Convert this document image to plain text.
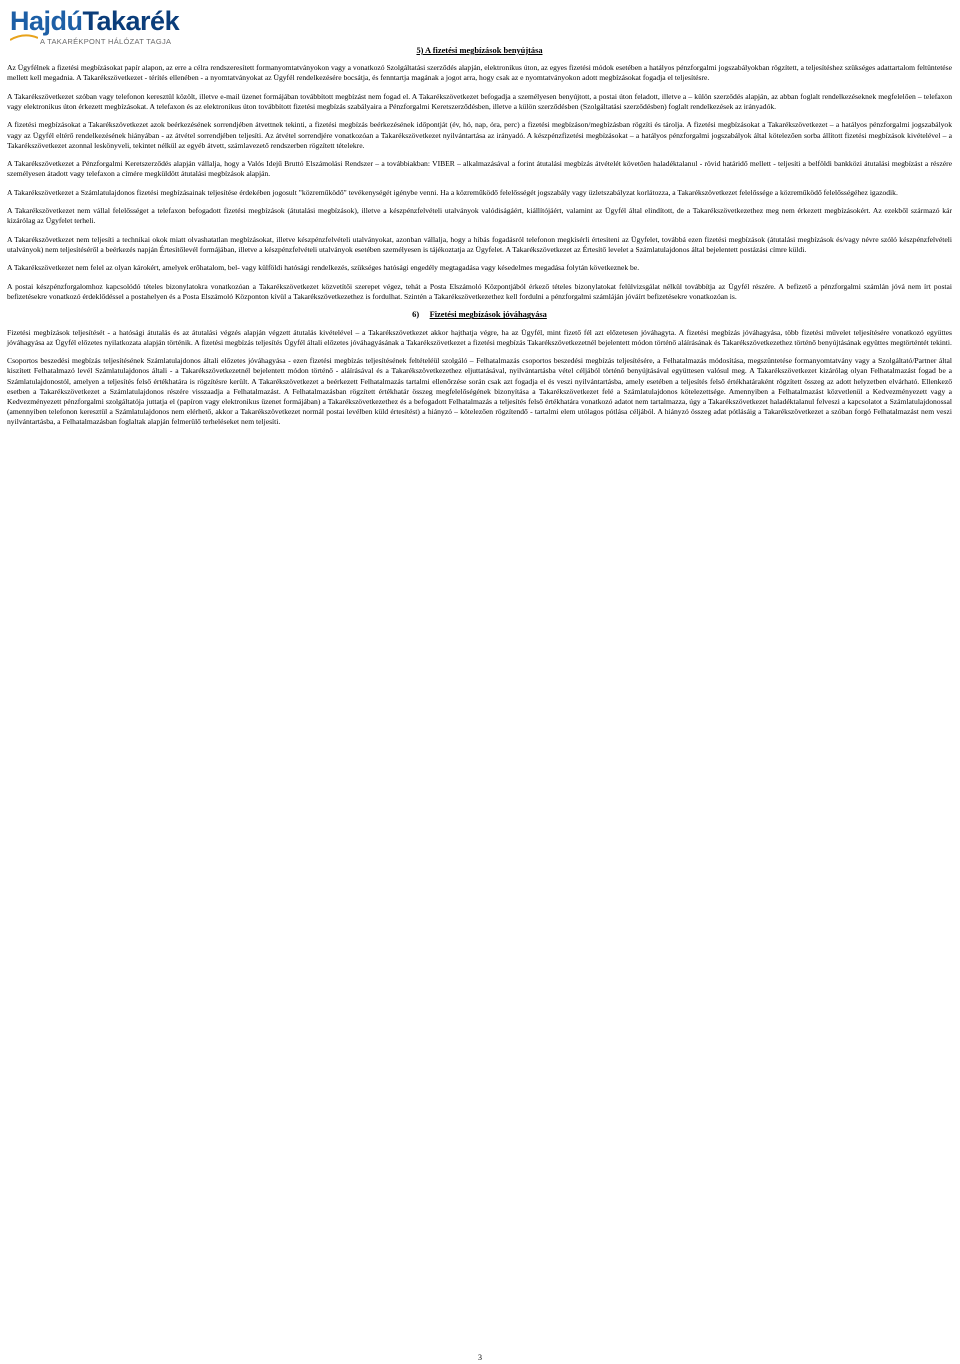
HajdúTakarék
A TAKARÉKPONT HÁLÓZAT TAGJA
5) A fizetési megbízások benyújtása

Az Ügyfélnek a fizetési megbízásokat papír alapon, az erre a célra rendszeresített formanyomtatványokon vagy a vonatkozó Szolgáltatási szerződés alapján, elektronikus úton, az egyes fizetési módok esetében a hatályos pénzforgalmi jogszabályokban rögzített, a teljesítéshez szükséges adattartalom feltüntetése mellett kell megadnia. A Takarékszövetkezet - térítés ellenében - a nyomtatványokat az Ügyfél rendelkezésére bocsátja, és fenntartja magának a jogot arra, hogy csak az e nyomtatványokon adott megbízásokat fogadja el teljesítésre.

A Takarékszövetkezet szóban vagy telefonon keresztül közölt, illetve e-mail üzenet formájában továbbított megbízást nem fogad el. A Takarékszövetkezet befogadja a személyesen benyújtott, a postai úton feladott, illetve a – külön szerződés alapján, az abban foglalt rendelkezéseknek megfelelően – telefaxon vagy elektronikus úton érkezett megbízásokat. A telefaxon és az elektronikus úton továbbított fizetési megbízás szabályaira a Pénzforgalmi Keretszerződésben, illetve a külön szerződésben (Szolgáltatási szerződésben) foglalt rendelkezések az irányadók.

A fizetési megbízásokat a Takarékszövetkezet azok beérkezésének sorrendjében átvettnek tekinti, a fizetési megbízás beérkezésének időpontját (év, hó, nap, óra, perc) a fizetési megbízáson/megbízásban rögzíti és tárolja. A fizetési megbízásokat a Takarékszövetkezet – a hatályos pénzforgalmi jogszabályok vagy az Ügyfél eltérő rendelkezésének hiányában - az átvétel sorrendjében teljesíti. Az átvétel sorrendjére vonatkozóan a Takarékszövetkezet nyilvántartása az irányadó. A készpénzfizetési megbízásokat – a hatályos pénzforgalmi jogszabályok által kötelezően sorba állított fizetési megbízások kivételével – a Takarékszövetkezet azonnal leskönyveli, tekintet nélkül az egyéb átvett, számlavezető rendszerben rögzített tételekre.

A Takarékszövetkezet a Pénzforgalmi Keretszerződés alapján vállalja, hogy a Valós Idejű Bruttó Elszámolási Rendszer – a továbbiakban: VIBER – alkalmazásával a forint átutalási megbízás átvételét követően haladéktalanul - rövid határidő mellett - teljesíti a belföldi bankközi átutalási megbízást a részére személyesen átadott vagy telefaxon a címére megküldött átutalási megbízások alapján.

A Takarékszövetkezet a Számlatulajdonos fizetési megbízásainak teljesítése érdekében jogosult "közreműködő" tevékenységét igénybe venni. Ha a közreműködő felelősségét jogszabály vagy üzletszabályzat korlátozza, a Takarékszövetkezet felelőssége a közreműködő felelősségéhez igazodik.

A Takarékszövetkezet nem vállal felelősséget a telefaxon befogadott fizetési megbízások (átutalási megbízások), illetve a készpénzfelvételi utalványok valódiságáért, kiállítójáért, valamint az Ügyfél által elindított, de a Takarékszövetkezethez meg nem érkezett megbízásokért. Az ezekből származó kár kizárólag az Ügyfelet terheli.

A Takarékszövetkezet nem teljesíti a technikai okok miatt olvashatatlan megbízásokat, illetve készpénzfelvételi utalványokat, azonban vállalja, hogy a hibás fogadásról telefonon megkísérli értesíteni az Ügyfelet, továbbá ezen fizetési megbízások (átutalási megbízások és/vagy névre szóló készpénzfelvételi utalványok) nem teljesítéséről a beérkezés napján Értesítőlevél formájában, illetve a készpénzfelvételi utalványok esetében személyesen is tájékoztatja az Ügyfelet. A Takarékszövetkezet az Értesítő levelet a Számlatulajdonos által bejelentett postázási címre küldi.

A Takarékszövetkezet nem felel az olyan károkért, amelyek erőhatalom, bel- vagy külföldi hatósági rendelkezés, szükséges hatósági engedély megtagadása vagy késedelmes megadása folytán következnek be.

A postai készpénzforgalomhoz kapcsolódó tételes bizonylatokra vonatkozóan a Takarékszövetkezet közvetítői szerepet végez, tehát a Posta Elszámoló Központjából érkező tételes bizonylatokat felülvizsgálat nélkül továbbítja az Ügyfél részére. A befizető a pénzforgalmi számlán jóvá nem írt postai befizetésekre vonatkozó érdeklődéssel a postahelyen és a Posta Elszámoló Központon kívül a Takarékszövetkezethez is fordulhat. Szintén a Takarékszövetkezethez kell fordulni a pénzforgalmi számláján jóváírt befizetésekre vonatkozóan is.

6) Fizetési megbízások jóváhagyása

Fizetési megbízások teljesítését - a hatósági átutalás és az átutalási végzés alapján végzett átutalás kivételével – a Takarékszövetkezet akkor hajthatja végre, ha az Ügyfél, mint fizető fél azt előzetesen jóváhagyta. A fizetési megbízás jóváhagyása, több fizetési művelet teljesítésére vonatkozó együttes jóváhagyása az Ügyfél előzetes nyilatkozata alapján történik. A fizetési megbízás teljesítés Ügyfél általi előzetes jóváhagyásának a Takarékszövetkezet a fizetési megbízás Takarékszövetkezetnél bejelentett módon történő aláírásának és Takarékszövetkezethez történő benyújtásának együttes megtörténtét tekinti.

Csoportos beszedési megbízás teljesítésének Számlatulajdonos általi előzetes jóváhagyása - ezen fizetési megbízás teljesítésének feltételéül szolgáló – Felhatalmazás csoportos beszedési megbízás teljesítésére, a Felhatalmazás módosítása, megszüntetése formanyomtatvány vagy a Szolgáltató/Partner által kiszített Felhatalmazó levél Számlatulajdonos általi - a Takarékszövetkezetnél bejelentett módon történő - aláírásával és a Takarékszövetkezethez eljuttatásával, nyilvántartásba vétel céljából történő benyújtásával együttesen valósul meg. A Takarékszövetkezet kizárólag olyan Felhatalmazást fogad be a Számlatulajdonostól, amelyen a teljesítés felső értékhatára is rögzítésre került. A Takarékszövetkezet a beérkezett Felhatalmazás tartalmi ellenőrzése során csak azt fogadja el és veszi nyilvántartásba, amely esetében a teljesítés felső értékhatáraként rögzített összeg az adott helyzetben elvárható. Ellenkező esetben a Takarékszövetkezet a Számlatulajdonos részére visszaadja a Felhatalmazást. A Felhatalmazásban rögzített értékhatár összeg megfelelőségének bizonyítása a Takarékszövetkezet felé a Számlatulajdonos kötelezettsége. Amennyiben a Felhatalmazást közvetlenül a Kedvezményezett vagy a Kedvezményezett pénzforgalmi szolgáltatója juttatja el (papíron vagy elektronikus üzenet formájában) a Takarékszövetkezethez és a befogadott Felhatalmazás a teljesítés felső értékhatára vonatkozó adatot nem tartalmazza, úgy a Takarékszövetkezet haladéktalanul felveszi a kapcsolatot a Számlatulajdonossal (amennyiben telefonon keresztül a Számlatulajdonos nem elérhető, akkor a Takarékszövetkezet normál postai levélben küld értesítést) a hiányzó – kötelezően rögzítendő - tartalmi elem utólagos pótlása céljából. A hiányzó összeg adat pótlásáig a Takarékszövetkezet a szóban forgó Felhatalmazást nem veszi nyilvántartásba, a Felhatalmazásban foglaltak alapján felmerülő terheléseket nem teljesíti.

3
